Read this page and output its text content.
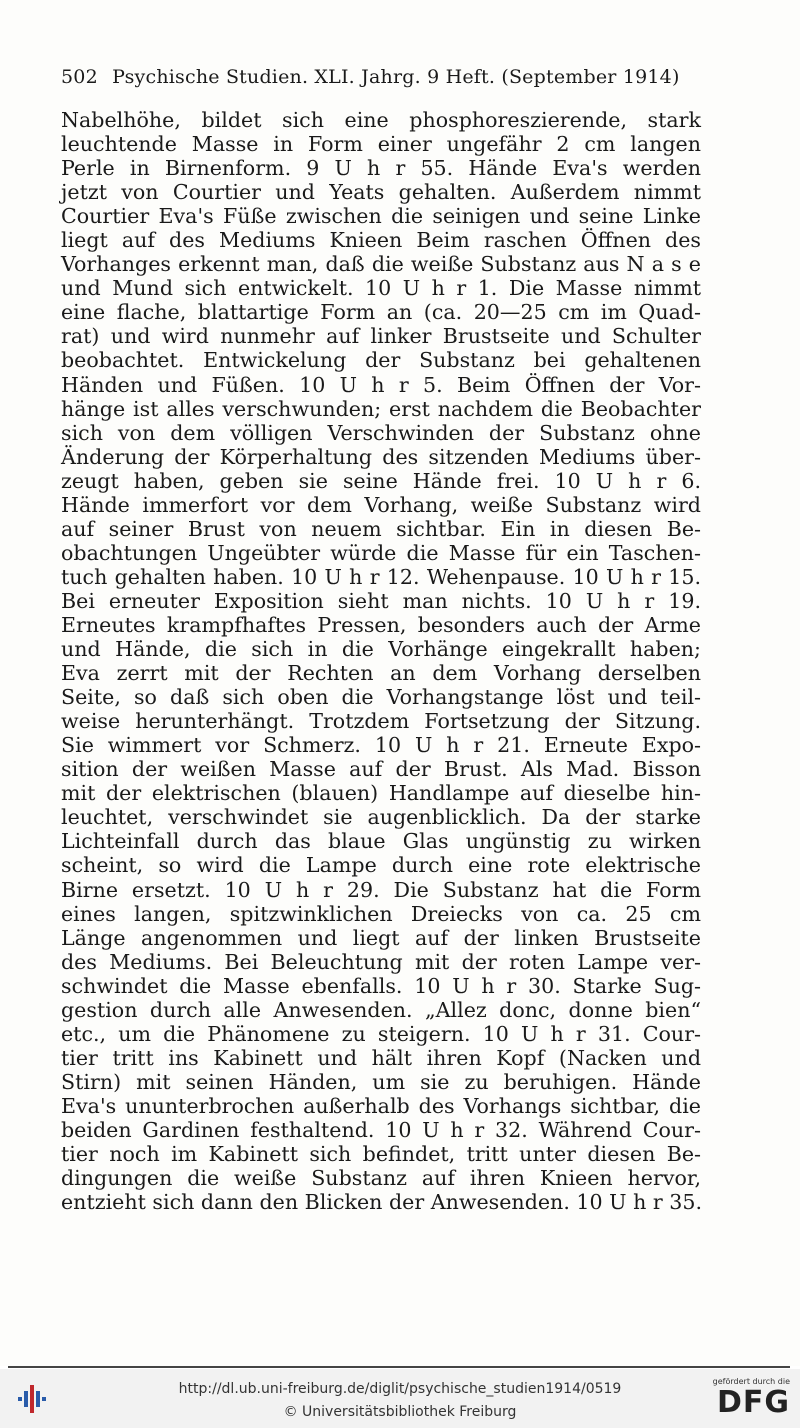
502 Psychische Studien. XLI. Jahrg. 9 Heft. (September 1914)
Nabelhöhe, bildet sich eine phosphoreszierende, stark
leuchtende Masse in Form einer ungefähr 2 cm langen
Perle in Birnenform. 9 U h r 55. Hände Eva's werden
jetzt von Courtier und Yeats gehalten. Außerdem nimmt
Courtier Eva's Füße zwischen die seinigen und seine Linke
liegt auf des Mediums Knieen Beim raschen Öffnen des
Vorhanges erkennt man, daß die weiße Substanz aus N a s e
und Mund sich entwickelt. 10 U h r 1. Die Masse nimmt
eine flache, blattartige Form an (ca. 20—25 cm im Quad-
rat) und wird nunmehr auf linker Brustseite und Schulter
beobachtet. Entwickelung der Substanz bei gehaltenen
Händen und Füßen. 10 U h r 5. Beim Öffnen der Vor-
hänge ist alles verschwunden; erst nachdem die Beobachter
sich von dem völligen Verschwinden der Substanz ohne
Änderung der Körperhaltung des sitzenden Mediums über-
zeugt haben, geben sie seine Hände frei. 10 U h r 6.
Hände immerfort vor dem Vorhang, weiße Substanz wird
auf seiner Brust von neuem sichtbar. Ein in diesen Be-
obachtungen Ungeübter würde die Masse für ein Taschen-
tuch gehalten haben. 10 U h r 12. Wehenpause. 10 U h r 15.
Bei erneuter Exposition sieht man nichts. 10 U h r 19.
Erneutes krampfhaftes Pressen, besonders auch der Arme
und Hände, die sich in die Vorhänge eingekrallt haben;
Eva zerrt mit der Rechten an dem Vorhang derselben
Seite, so daß sich oben die Vorhangstange löst und teil-
weise herunterhängt. Trotzdem Fortsetzung der Sitzung.
Sie wimmert vor Schmerz. 10 U h r 21. Erneute Expo-
sition der weißen Masse auf der Brust. Als Mad. Bisson
mit der elektrischen (blauen) Handlampe auf dieselbe hin-
leuchtet, verschwindet sie augenblicklich. Da der starke
Lichteinfall durch das blaue Glas ungünstig zu wirken
scheint, so wird die Lampe durch eine rote elektrische
Birne ersetzt. 10 U h r 29. Die Substanz hat die Form
eines langen, spitzwinklichen Dreiecks von ca. 25 cm
Länge angenommen und liegt auf der linken Brustseite
des Mediums. Bei Beleuchtung mit der roten Lampe ver-
schwindet die Masse ebenfalls. 10 U h r 30. Starke Sug-
gestion durch alle Anwesenden. „Allez donc, donne bien“
etc., um die Phänomene zu steigern. 10 U h r 31. Cour-
tier tritt ins Kabinett und hält ihren Kopf (Nacken und
Stirn) mit seinen Händen, um sie zu beruhigen. Hände
Eva's ununterbrochen außerhalb des Vorhangs sichtbar, die
beiden Gardinen festhaltend. 10 U h r 32. Während Cour-
tier noch im Kabinett sich befindet, tritt unter diesen Be-
dingungen die weiße Substanz auf ihren Knieen hervor,
entzieht sich dann den Blicken der Anwesenden. 10 U h r 35.
http://dl.ub.uni-freiburg.de/diglit/psychische_studien1914/0519
© Universitätsbibliothek Freiburg
gefördert durch die
DFG
